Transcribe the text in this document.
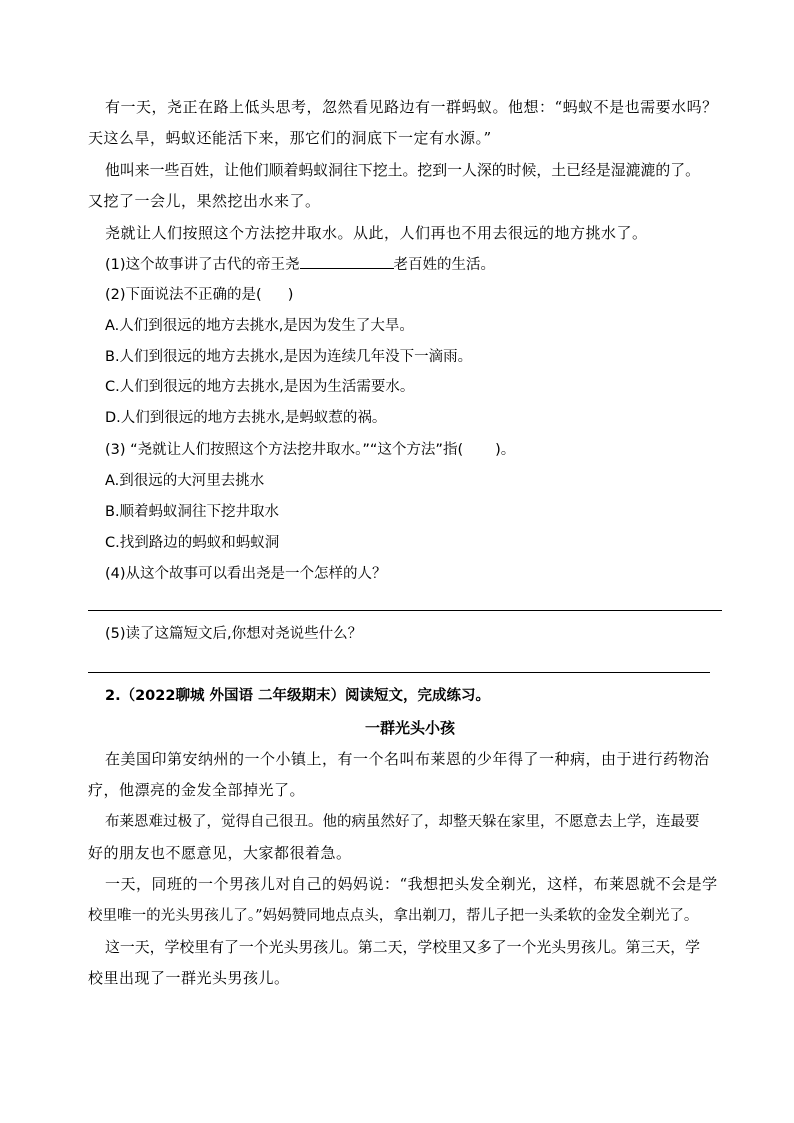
有一天，尧正在路上低头思考，忽然看见路边有一群蚂蚁。他想：“蚂蚁不是也需要水吗？
天这么旱，蚂蚁还能活下来，那它们的洞底下一定有水源。”
他叫来一些百姓，让他们顺着蚂蚁洞往下挖土。挖到一人深的时候，土已经是湿漉漉的了。
又挖了一会儿，果然挖出水来了。
尧就让人们按照这个方法挖井取水。从此，人们再也不用去很远的地方挑水了。
(1)这个故事讲了古代的帝王尧	老百姓的生活。
(2)下面说法不正确的是( )
A.人们到很远的地方去挑水,是因为发生了大旱。
B.人们到很远的地方去挑水,是因为连续几年没下一滴雨。
C.人们到很远的地方去挑水,是因为生活需要水。
D.人们到很远的地方去挑水,是蚂蚁惹的祸。
(3) “尧就让人们按照这个方法挖井取水。”“这个方法”指( )。
A.到很远的大河里去挑水
B.顺着蚂蚁洞往下挖井取水
C.找到路边的蚂蚁和蚂蚁洞
(4)从这个故事可以看出尧是一个怎样的人？
(5)读了这篇短文后,你想对尧说些什么？
2.（2022聊城 外国语 二年级期末）阅读短文，完成练习。
一群光头小孩
在美国印第安纳州的一个小镇上，有一个名叫布莱恩的少年得了一种病，由于进行药物治
疗，他漂亮的金发全部掉光了。
布莱恩难过极了，觉得自己很丑。他的病虽然好了，却整天躲在家里，不愿意去上学，连最要
好的朋友也不愿意见，大家都很着急。
一天，同班的一个男孩儿对自己的妈妈说：“我想把头发全剃光，这样，布莱恩就不会是学
校里唯一的光头男孩儿了。”妈妈赞同地点点头，拿出剃刀，帮儿子把一头柔软的金发全剃光了。
这一天，学校里有了一个光头男孩儿。第二天，学校里又多了一个光头男孩儿。第三天，学
校里出现了一群光头男孩儿。
